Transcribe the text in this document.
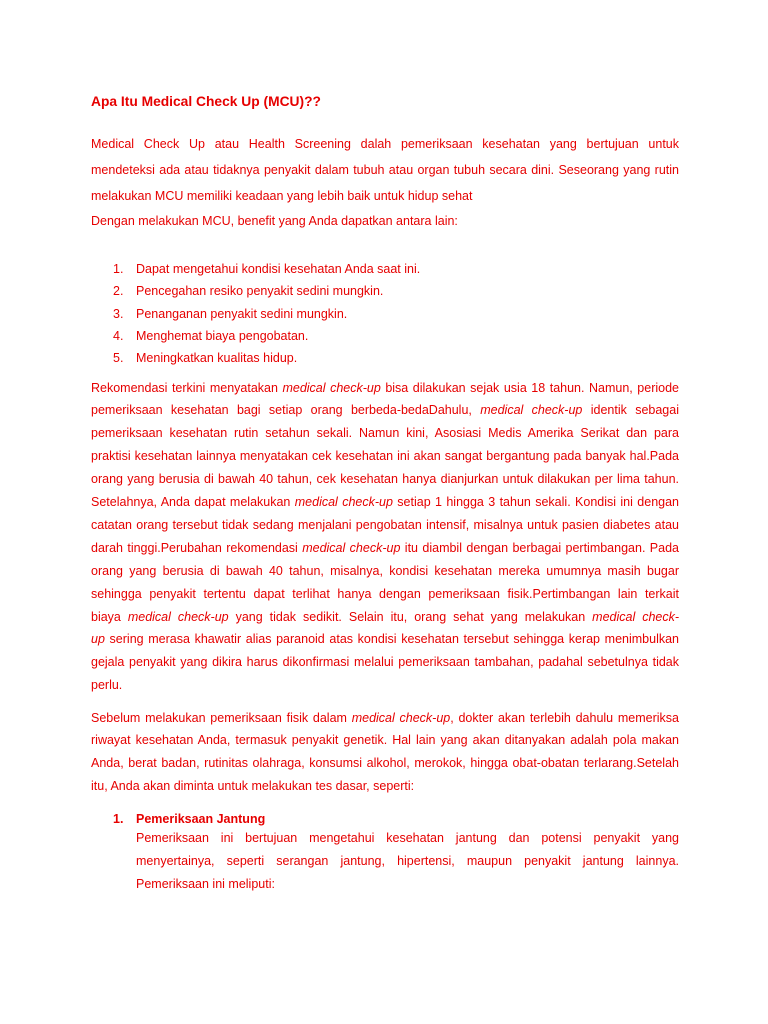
Apa Itu Medical Check Up (MCU)??
Medical Check Up atau Health Screening dalah pemeriksaan kesehatan yang bertujuan untuk
mendeteksi ada atau tidaknya penyakit dalam tubuh atau organ tubuh secara dini. Seseorang yang rutin
melakukan MCU memiliki keadaan yang lebih baik untuk hidup sehat
Dengan melakukan MCU, benefit yang Anda dapatkan antara lain:
1. Dapat mengetahui kondisi kesehatan Anda saat ini.
2. Pencegahan resiko penyakit sedini mungkin.
3. Penanganan penyakit sedini mungkin.
4. Menghemat biaya pengobatan.
5. Meningkatkan kualitas hidup.
Rekomendasi terkini menyatakan medical check-up bisa dilakukan sejak usia 18 tahun. Namun, periode
pemeriksaan kesehatan bagi setiap orang berbeda-bedaDahulu, medical check-up identik sebagai
pemeriksaan kesehatan rutin setahun sekali. Namun kini, Asosiasi Medis Amerika Serikat dan para
praktisi kesehatan lainnya menyatakan cek kesehatan ini akan sangat bergantung pada banyak hal.Pada
orang yang berusia di bawah 40 tahun, cek kesehatan hanya dianjurkan untuk dilakukan per lima tahun.
Setelahnya, Anda dapat melakukan medical check-up setiap 1 hingga 3 tahun sekali. Kondisi ini dengan
catatan orang tersebut tidak sedang menjalani pengobatan intensif, misalnya untuk pasien diabetes atau
darah tinggi.Perubahan rekomendasi medical check-up itu diambil dengan berbagai pertimbangan. Pada
orang yang berusia di bawah 40 tahun, misalnya, kondisi kesehatan mereka umumnya masih bugar
sehingga penyakit tertentu dapat terlihat hanya dengan pemeriksaan fisik.Pertimbangan lain terkait
biaya medical check-up yang tidak sedikit. Selain itu, orang sehat yang melakukan medical check-
up sering merasa khawatir alias paranoid atas kondisi kesehatan tersebut sehingga kerap menimbulkan
gejala penyakit yang dikira harus dikonfirmasi melalui pemeriksaan tambahan, padahal sebetulnya tidak
perlu.
Sebelum melakukan pemeriksaan fisik dalam medical check-up, dokter akan terlebih dahulu memeriksa
riwayat kesehatan Anda, termasuk penyakit genetik. Hal lain yang akan ditanyakan adalah pola makan
Anda, berat badan, rutinitas olahraga, konsumsi alkohol, merokok, hingga obat-obatan terlarang.Setelah
itu, Anda akan diminta untuk melakukan tes dasar, seperti:
1. Pemeriksaan Jantung
Pemeriksaan ini bertujuan mengetahui kesehatan jantung dan potensi penyakit yang
menyertainya, seperti serangan jantung, hipertensi, maupun penyakit jantung lainnya.
Pemeriksaan ini meliputi:
